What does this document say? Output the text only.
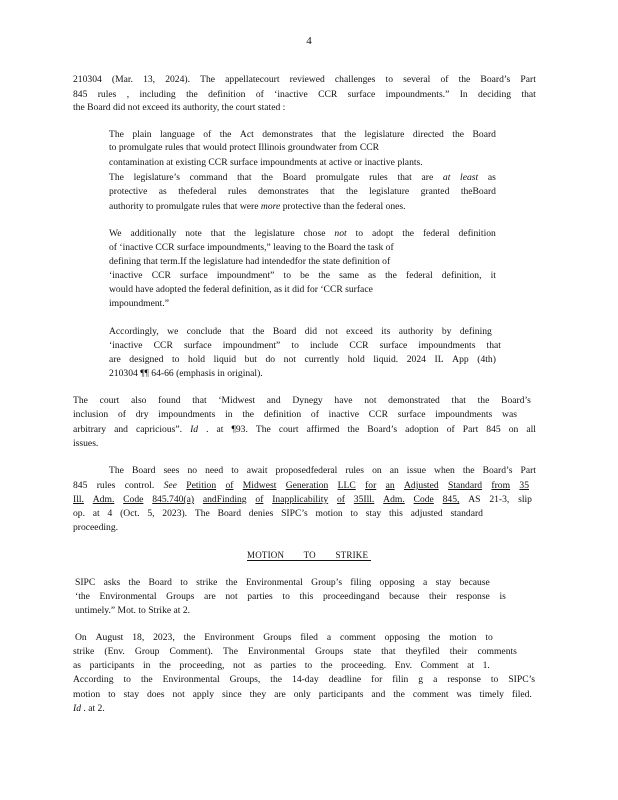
4
210304 (Mar. 13, 2024). The appellatecourt reviewed challenges to several of the Board’s Part
845 rules , including the definition of ‘inactive CCR surface impoundments.” In deciding that
the Board did not exceed its authority, the court stated :
The plain language of the Act demonstrates that the legislature directed the Board
to promulgate rules that would protect Illinois groundwater from CCR
contamination at existing CCR surface impoundments at active or inactive plants.
The legislature’s command that the Board promulgate rules that are at least as
protective as thefederal rules demonstrates that the legislature granted theBoard
authority to promulgate rules that were more protective than the federal ones.
We additionally note that the legislature chose not to adopt the federal definition
of ‘inactive CCR surface impoundments,” leaving to the Board the task of
defining that term.If the legislature had intendedfor the state definition of
‘inactive CCR surface impoundment” to be the same as the federal definition, it
would have adopted the federal definition, as it did for ‘CCR surface
impoundment.”
Accordingly, we conclude that the Board did not exceed its authority by defining
‘inactive CCR surface impoundment” to include CCR surface impoundments that
are designed to hold liquid but do not currently hold liquid. 2024 IL App (4th)
210304 ¶¶ 64-66 (emphasis in original).
The court also found that ‘Midwest and Dynegy have not demonstrated that the Board’s
inclusion of dry impoundments in the definition of inactive CCR surface impoundments was
arbitrary and capricious”. Id . at ¶93. The court affirmed the Board’s adoption of Part 845 on all
issues.
The Board sees no need to await proposedfederal rules on an issue when the Board’s Part
845 rules control. See Petition of Midwest Generation LLC for an Adjusted Standard from 35
Ill. Adm. Code 845.740(a) andFinding of Inapplicability of 35Ill. Adm. Code 845, AS 21-3, slip
op. at 4 (Oct. 5, 2023). The Board denies SIPC’s motion to stay this adjusted standard
proceeding.
SIPC asks the Board to strike the Environmental Group’s filing opposing a stay because
‘the Environmental Groups are not parties to this proceedingand because their response is
untimely.” Mot. to Strike at 2.
On August 18, 2023, the Environment Groups filed a comment opposing the motion to
strike (Env. Group Comment). The Environmental Groups state that theyfiled their comments
as participants in the proceeding, not as parties to the proceeding. Env. Comment at 1.
According to the Environmental Groups, the 14-day deadline for filin g a response to SIPC’s
motion to stay does not apply since they are only participants and the comment was timely filed.
Id . at 2.
MOTION        TO        STRIKE
